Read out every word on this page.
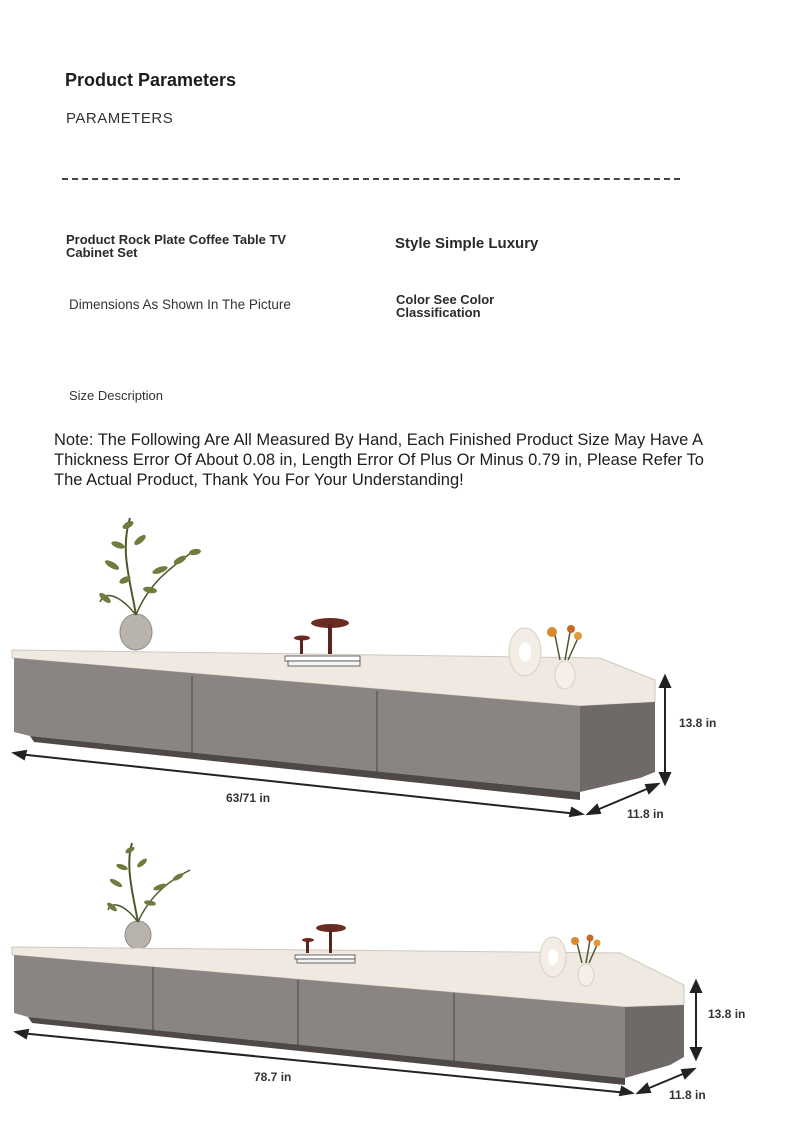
Product Parameters
PARAMETERS
Product Rock Plate Coffee Table TV Cabinet Set
Style Simple Luxury
Dimensions As Shown In The Picture	Color See Color Classification
Size Description
Note: The Following Are All Measured By Hand, Each Finished Product Size May Have A Thickness Error Of About 0.08 in, Length Error Of Plus Or Minus 0.79 in, Please Refer To The Actual Product, Thank You For Your Understanding!
63/71 in
13.8 in
11.8 in
78.7 in
13.8 in
11.8 in
